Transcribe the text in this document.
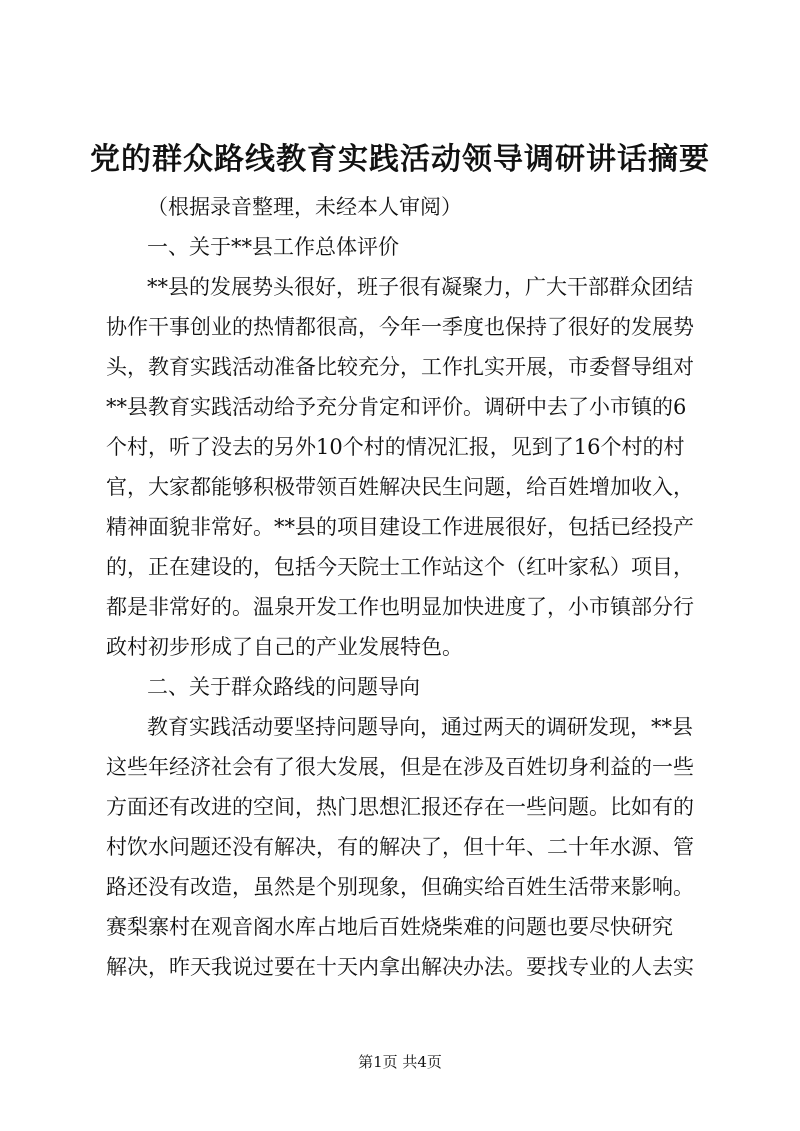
党的群众路线教育实践活动领导调研讲话摘要
（根据录音整理，未经本人审阅）
一、关于**县工作总体评价
**县的发展势头很好，班子很有凝聚力，广大干部群众团结
协作干事创业的热情都很高，今年一季度也保持了很好的发展势
头，教育实践活动准备比较充分，工作扎实开展，市委督导组对
**县教育实践活动给予充分肯定和评价。调研中去了小市镇的6
个村，听了没去的另外10个村的情况汇报，见到了16个村的村
官，大家都能够积极带领百姓解决民生问题，给百姓增加收入，
精神面貌非常好。**县的项目建设工作进展很好，包括已经投产
的，正在建设的，包括今天院士工作站这个（红叶家私）项目，
都是非常好的。温泉开发工作也明显加快进度了，小市镇部分行
政村初步形成了自己的产业发展特色。
二、关于群众路线的问题导向
教育实践活动要坚持问题导向，通过两天的调研发现，**县
这些年经济社会有了很大发展，但是在涉及百姓切身利益的一些
方面还有改进的空间，热门思想汇报还存在一些问题。比如有的
村饮水问题还没有解决，有的解决了，但十年、二十年水源、管
路还没有改造，虽然是个别现象，但确实给百姓生活带来影响。
赛梨寨村在观音阁水库占地后百姓烧柴难的问题也要尽快研究
解决，昨天我说过要在十天内拿出解决办法。要找专业的人去实
第1页 共4页
